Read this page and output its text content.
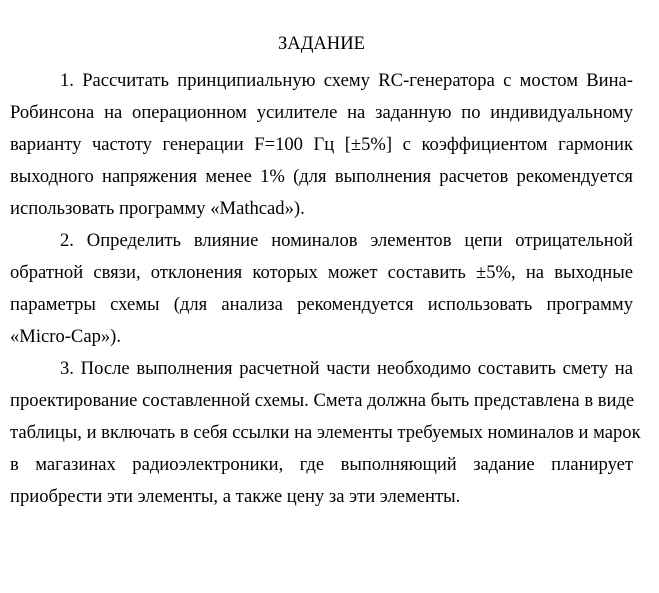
ЗАДАНИЕ
1. Рассчитать принципиальную схему RC-генератора с мостом Вина-
Робинсона на операционном усилителе на заданную по индивидуальному
варианту частоту генерации F=100 Гц [±5%] с коэффициентом гармоник
выходного напряжения менее 1% (для выполнения расчетов рекомендуется
использовать программу «Mathcad»).
2. Определить влияние номиналов элементов цепи отрицательной
обратной связи, отклонения которых может составить ±5%, на выходные
параметры схемы (для анализа рекомендуется использовать программу
«Micro-Cap»).
3. После выполнения расчетной части необходимо составить смету на
проектирование составленной схемы. Смета должна быть представлена в виде
таблицы, и включать в себя ссылки на элементы требуемых номиналов и марок
в магазинах радиоэлектроники, где выполняющий задание планирует
приобрести эти элементы, а также цену за эти элементы.
